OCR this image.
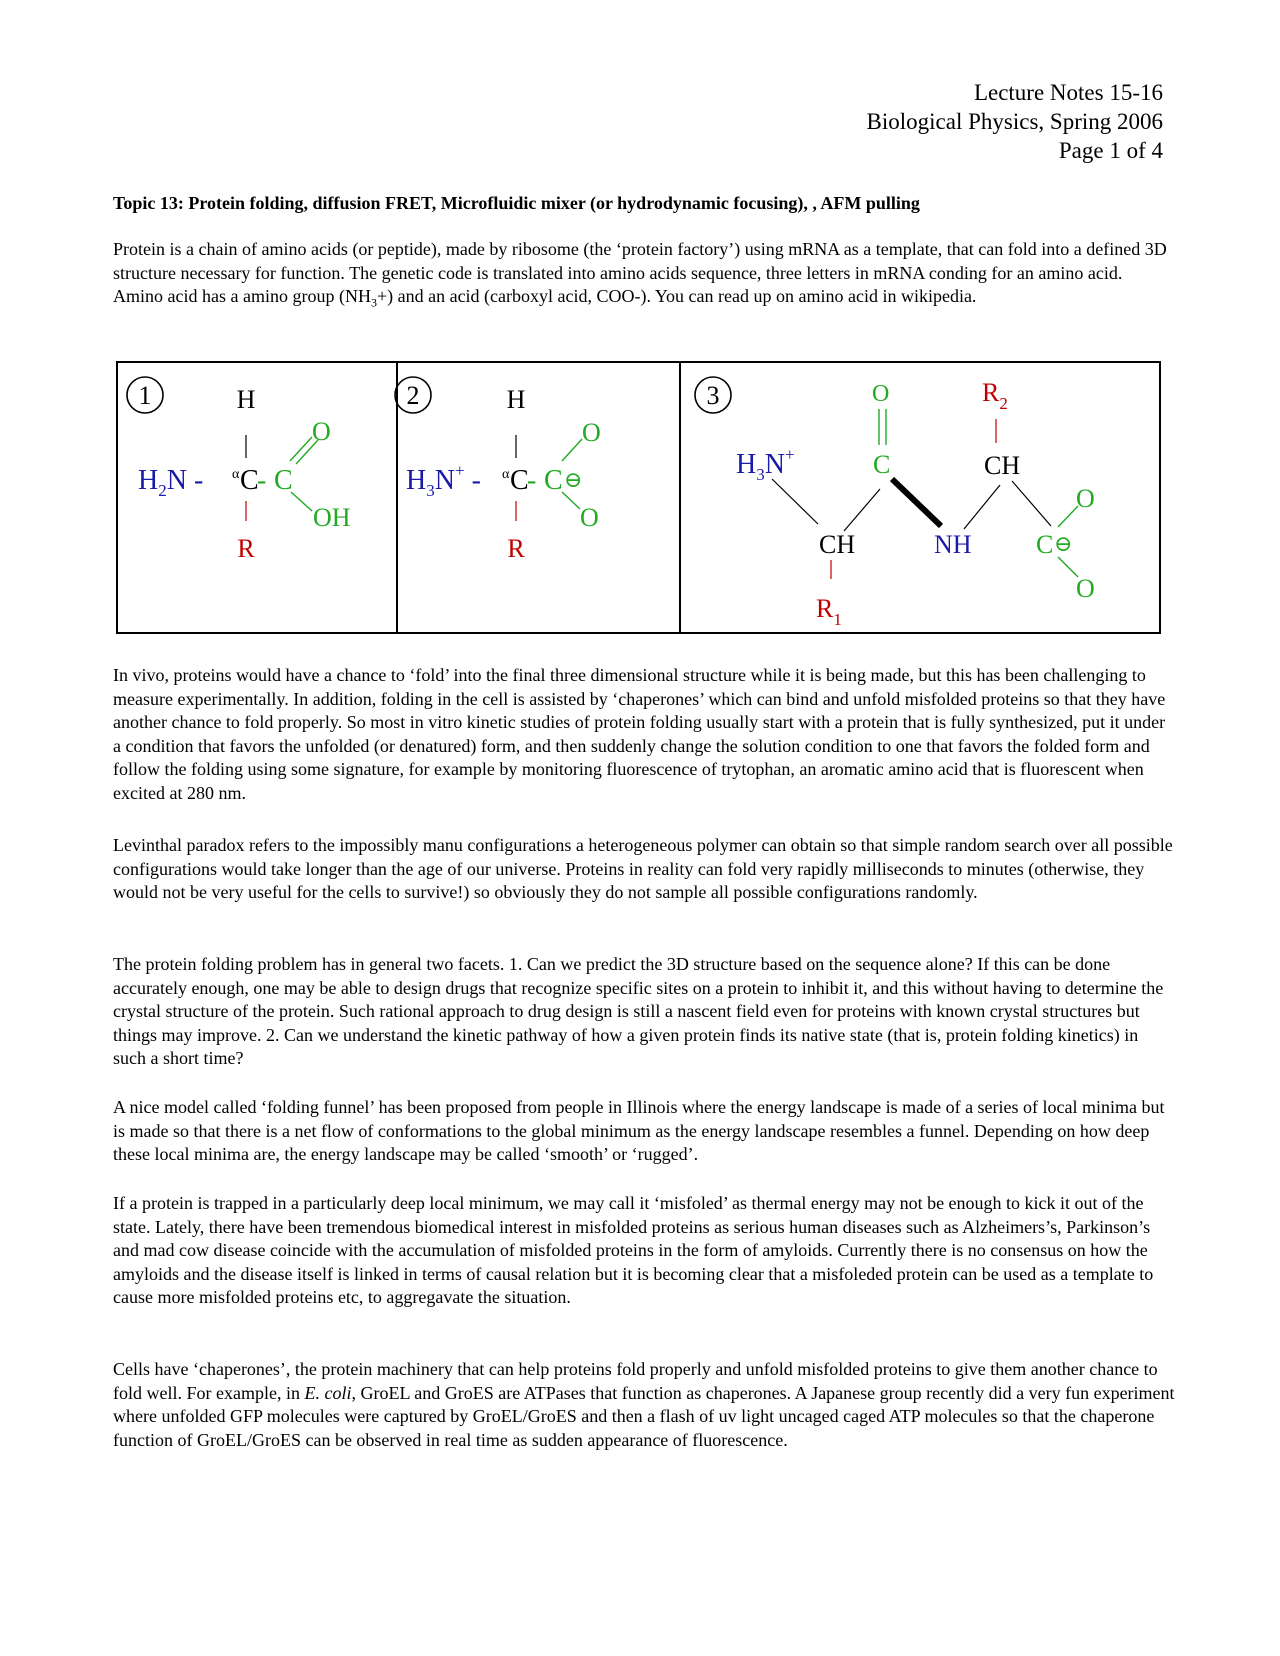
Lecture Notes 15-16
Biological Physics, Spring 2006
Page 1 of 4
Topic 13: Protein folding, diffusion FRET, Microfluidic mixer (or hydrodynamic focusing), , AFM pulling

Protein is a chain of amino acids (or peptide), made by ribosome (the ‘protein factory’) using mRNA as a template, that can fold into a defined 3D structure necessary for function. The genetic code is translated into amino acids sequence, three letters in mRNA conding for an amino acid. Amino acid has a amino group $(NH_3+)$ and an acid (carboxyl acid, COO-). You can read up on amino acid in wikipedia.

1	H
$H_2N$ - α C
- C
O
OH
R
2	H
$H_3N^+$ - α C
- C ⊖
O
O
R
3
$H_3N^+$
CH
$R_1$
C
O
NH
CH
$R_2$
C ⊖
O
O

In vivo, proteins would have a chance to ‘fold’ into the final three dimensional structure while it is being made, but this has been challenging to measure experimentally. In addition, folding in the cell is assisted by ‘chaperones’ which can bind and unfold misfolded proteins so that they have another chance to fold properly. So most in vitro kinetic studies of protein folding usually start with a protein that is fully synthesized, put it under a condition that favors the unfolded (or denatured) form, and then suddenly change the solution condition to one that favors the folded form and follow the folding using some signature, for example by monitoring fluorescence of trytophan, an aromatic amino acid that is fluorescent when excited at 280 nm.

Levinthal paradox refers to the impossibly manu configurations a heterogeneous polymer can obtain so that simple random search over all possible configurations would take longer than the age of our universe. Proteins in reality can fold very rapidly milliseconds to minutes (otherwise, they would not be very useful for the cells to survive!) so obviously they do not sample all possible configurations randomly.

The protein folding problem has in general two facets. 1. Can we predict the 3D structure based on the sequence alone? If this can be done accurately enough, one may be able to design drugs that recognize specific sites on a protein to inhibit it, and this without having to determine the crystal structure of the protein. Such rational approach to drug design is still a nascent field even for proteins with known crystal structures but things may improve. 2. Can we understand the kinetic pathway of how a given protein finds its native state (that is, protein folding kinetics) in such a short time?

A nice model called ‘folding funnel’ has been proposed from people in Illinois where the energy landscape is made of a series of local minima but is made so that there is a net flow of conformations to the global minimum as the energy landscape resembles a funnel. Depending on how deep these local minima are, the energy landscape may be called ‘smooth’ or ‘rugged’.

If a protein is trapped in a particularly deep local minimum, we may call it ‘misfoled’ as thermal energy may not be enough to kick it out of the state. Lately, there have been tremendous biomedical interest in misfolded proteins as serious human diseases such as Alzheimers’s, Parkinson’s and mad cow disease coincide with the accumulation of misfolded proteins in the form of amyloids. Currently there is no consensus on how the amyloids and the disease itself is linked in terms of causal relation but it is becoming clear that a misfoleded protein can be used as a template to cause more misfolded proteins etc, to aggregavate the situation.

Cells have ‘chaperones’, the protein machinery that can help proteins fold properly and unfold misfolded proteins to give them another chance to fold well. For example, in E. coli, GroEL and GroES are ATPases that function as chaperones. A Japanese group recently did a very fun experiment where unfolded GFP molecules were captured by GroEL/GroES and then a flash of uv light uncaged caged ATP molecules so that the chaperone function of GroEL/GroES can be observed in real time as sudden appearance of fluorescence.
